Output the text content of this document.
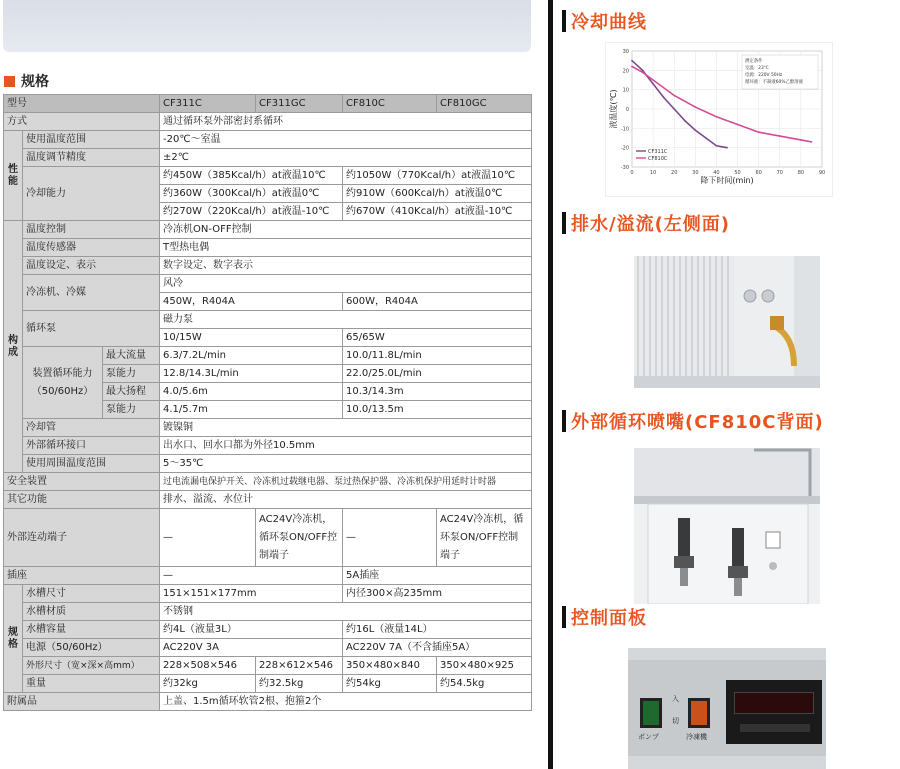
规格
型号			CF311C	CF311GC	CF810C	CF810GC
方式			通过循环泵外部密封系循环			

性能	使用温度范围		-20℃～室温			
	温度调节精度		±2℃			
	冷却能力		约450W（385Kcal/h）at液温10℃		约1050W（770Kcal/h）at液温10℃	
			约360W（300Kcal/h）at液温0℃		约910W（600Kcal/h）at液温0℃	
			约270W（220Kcal/h）at液温-10℃		约670W（410Kcal/h）at液温-10℃	

构成	温度控制		冷冻机ON-OFF控制			
	温度传感器		T型热电偶			
	温度设定、表示		数字设定、数字表示			
	冷冻机、冷媒		风冷			
			450W，R404A		600W，R404A	
	循环泵		磁力泵			
			10/15W		65/65W	
	装置循环能力
（50/60Hz）	最大流量	6.3/7.2L/min		10.0/11.8L/min	
		泵能力	12.8/14.3L/min		22.0/25.0L/min	
		最大扬程	4.0/5.6m		10.3/14.3m	
		泵能力	4.1/5.7m		10.0/13.5m	
	冷却管		镀镍铜			
	外部循环接口		出水口、回水口都为外径10.5mm			
	使用周围温度范围		5～35℃			
安全装置			过电流漏电保护开关、冷冻机过载继电器、泵过热保护器、冷冻机保护用延时计时器			
其它功能			排水、溢流、水位计			
外部连动端子			—	AC24V冷冻机，循环泵ON/OFF控制端子	—	AC24V冷冻机，循环泵ON/OFF控制端子
插座			—		5A插座	

规格	水槽尺寸		151×151×177mm		内径300×高235mm	
	水槽材质		不锈钢			
	水槽容量		约4L（液量3L）		约16L（液量14L）	
	电源（50/60Hz）		AC220V 3A		AC220V 7A（不含插座5A）	
	外形尺寸（宽×深×高mm）		228×508×546	228×612×546	350×480×840	350×480×925
	重量		约32kg	约32.5kg	约54kg	约54.5kg
附属品			上盖、1.5m循环软管2根、抱箍2个			
冷却曲线
30
20
10
0
-10
-20
-30
0	10	20	30	40	50	60	70	80	90
降下时间(min)
液温度(℃)
CF311C
CF810C
测定条件
室温：23℃
电源：220V 50Hz
循环液：不凝液60%乙醇溶液
排水/溢流(左侧面)
外部循环喷嘴(CF810C背面)
控制面板
入
切
ポンプ	冷凍機
